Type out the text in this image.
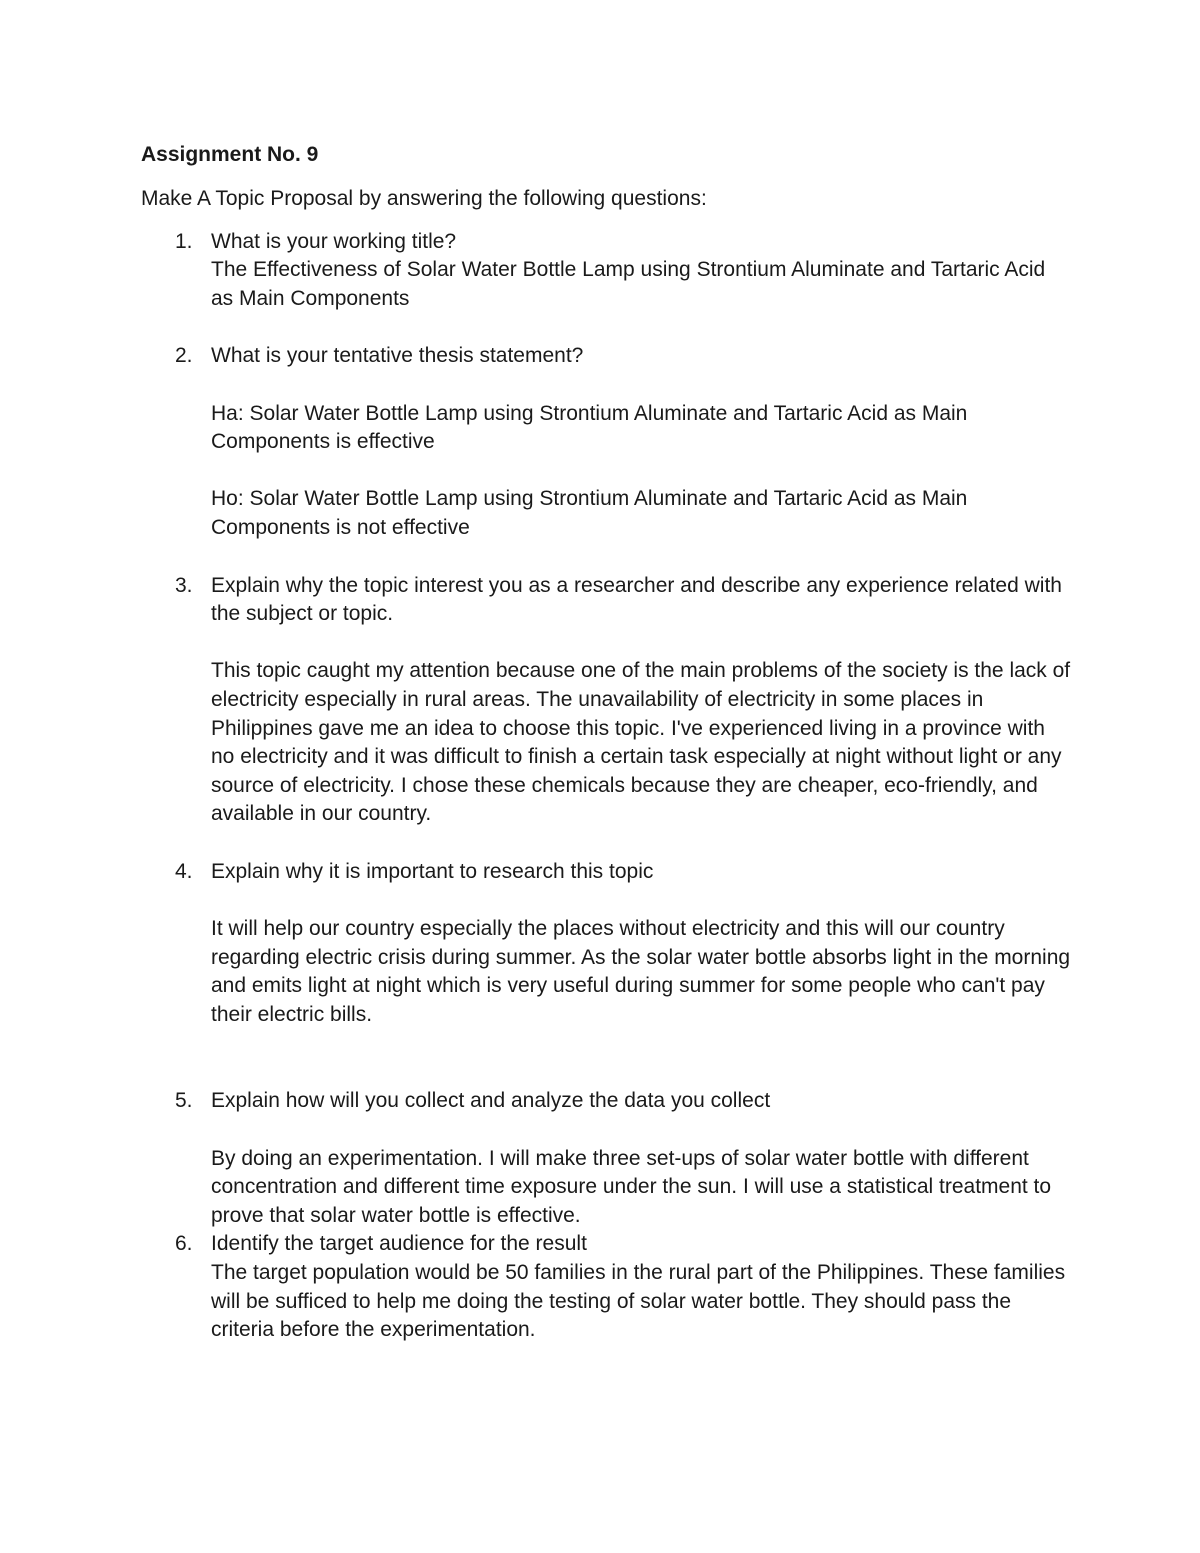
Assignment No. 9
Make A Topic Proposal by answering the following questions:
1. What is your working title?
The Effectiveness of Solar Water Bottle Lamp using Strontium Aluminate and Tartaric Acid as Main Components
2. What is your tentative thesis statement?
Ha: Solar Water Bottle Lamp using Strontium Aluminate and Tartaric Acid as Main Components is effective
Ho: Solar Water Bottle Lamp using Strontium Aluminate and Tartaric Acid as Main Components is not effective
3. Explain why the topic interest you as a researcher and describe any experience related with the subject or topic.
This topic caught my attention because one of the main problems of the society is the lack of electricity especially in rural areas. The unavailability of electricity in some places in Philippines gave me an idea to choose this topic. I've experienced living in a province with no electricity and it was difficult to finish a certain task especially at night without light or any source of electricity. I chose these chemicals because they are cheaper, eco-friendly, and available in our country.
4. Explain why it is important to research this topic
It will help our country especially the places without electricity and this will our country regarding electric crisis during summer. As the solar water bottle absorbs light in the morning and emits light at night which is very useful during summer for some people who can't pay their electric bills.
5. Explain how will you collect and analyze the data you collect
By doing an experimentation. I will make three set-ups of solar water bottle with different concentration and different time exposure under the sun. I will use a statistical treatment to prove that solar water bottle is effective.
6. Identify the target audience for the result
The target population would be 50 families in the rural part of the Philippines. These families will be sufficed to help me doing the testing of solar water bottle. They should pass the criteria before the experimentation.
